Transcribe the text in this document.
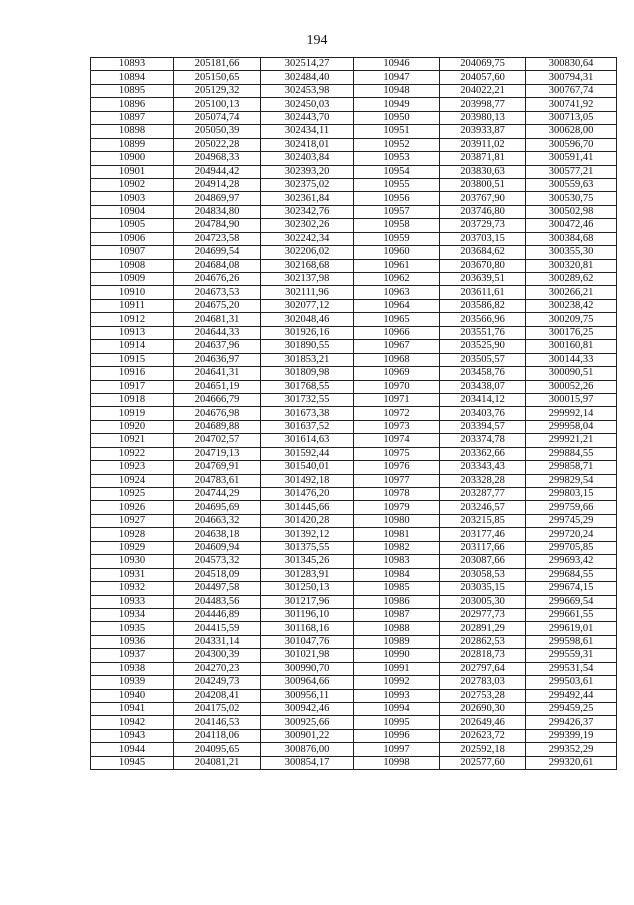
194
10893	205181,66	302514,27	10946	204069,75	300830,64
10894	205150,65	302484,40	10947	204057,60	300794,31
10895	205129,32	302453,98	10948	204022,21	300767,74
10896	205100,13	302450,03	10949	203998,77	300741,92
10897	205074,74	302443,70	10950	203980,13	300713,05
10898	205050,39	302434,11	10951	203933,87	300628,00
10899	205022,28	302418,01	10952	203911,02	300596,70
10900	204968,33	302403,84	10953	203871,81	300591,41
10901	204944,42	302393,20	10954	203830,63	300577,21
10902	204914,28	302375,02	10955	203800,51	300559,63
10903	204869,97	302361,84	10956	203767,90	300530,75
10904	204834,80	302342,76	10957	203746,80	300502,98
10905	204784,90	302302,26	10958	203729,73	300472,46
10906	204723,58	302242,34	10959	203703,15	300384,68
10907	204699,54	302206,02	10960	203684,62	300355,30
10908	204684,08	302168,68	10961	203670,80	300320,81
10909	204676,26	302137,98	10962	203639,51	300289,62
10910	204673,53	302111,96	10963	203611,61	300266,21
10911	204675,20	302077,12	10964	203586,82	300238,42
10912	204681,31	302048,46	10965	203566,96	300209,75
10913	204644,33	301926,16	10966	203551,76	300176,25
10914	204637,96	301890,55	10967	203525,90	300160,81
10915	204636,97	301853,21	10968	203505,57	300144,33
10916	204641,31	301809,98	10969	203458,76	300090,51
10917	204651,19	301768,55	10970	203438,07	300052,26
10918	204666,79	301732,55	10971	203414,12	300015,97
10919	204676,98	301673,38	10972	203403,76	299992,14
10920	204689,88	301637,52	10973	203394,57	299958,04
10921	204702,57	301614,63	10974	203374,78	299921,21
10922	204719,13	301592,44	10975	203362,66	299884,55
10923	204769,91	301540,01	10976	203343,43	299858,71
10924	204783,61	301492,18	10977	203328,28	299829,54
10925	204744,29	301476,20	10978	203287,77	299803,15
10926	204695,69	301445,66	10979	203246,57	299759,66
10927	204663,32	301420,28	10980	203215,85	299745,29
10928	204638,18	301392,12	10981	203177,46	299720,24
10929	204609,94	301375,55	10982	203117,66	299705,85
10930	204573,32	301345,26	10983	203087,66	299693,42
10931	204518,09	301283,91	10984	203058,53	299684,55
10932	204497,58	301250,13	10985	203035,15	299674,15
10933	204483,56	301217,96	10986	203005,30	299669,54
10934	204446,89	301196,10	10987	202977,73	299661,55
10935	204415,59	301168,16	10988	202891,29	299619,01
10936	204331,14	301047,76	10989	202862,53	299598,61
10937	204300,39	301021,98	10990	202818,73	299559,31
10938	204270,23	300990,70	10991	202797,64	299531,54
10939	204249,73	300964,66	10992	202783,03	299503,61
10940	204208,41	300956,11	10993	202753,28	299492,44
10941	204175,02	300942,46	10994	202690,30	299459,25
10942	204146,53	300925,66	10995	202649,46	299426,37
10943	204118,06	300901,22	10996	202623,72	299399,19
10944	204095,65	300876,00	10997	202592,18	299352,29
10945	204081,21	300854,17	10998	202577,60	299320,61
